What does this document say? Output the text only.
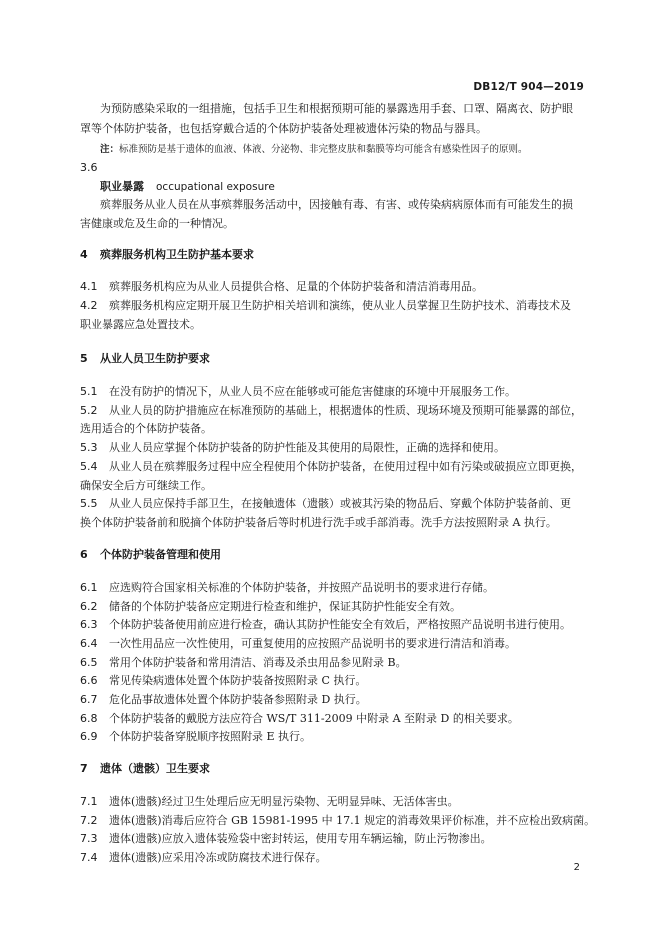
DB12/T 904—2019
为预防感染采取的一组措施，包括手卫生和根据预期可能的暴露选用手套、口罩、隔离衣、防护眼
罩等个体防护装备，也包括穿戴合适的个体防护装备处理被遗体污染的物品与器具。
注：标准预防是基于遗体的血液、体液、分泌物、非完整皮肤和黏膜等均可能含有感染性因子的原则。
3.6
职业暴露 occupational exposure
殡葬服务从业人员在从事殡葬服务活动中，因接触有毒、有害、或传染病病原体而有可能发生的损
害健康或危及生命的一种情况。
4 殡葬服务机构卫生防护基本要求
4.1 殡葬服务机构应为从业人员提供合格、足量的个体防护装备和清洁消毒用品。
4.2 殡葬服务机构应定期开展卫生防护相关培训和演练，使从业人员掌握卫生防护技术、消毒技术及
职业暴露应急处置技术。
5 从业人员卫生防护要求
5.1 在没有防护的情况下，从业人员不应在能够或可能危害健康的环境中开展服务工作。
5.2 从业人员的防护措施应在标准预防的基础上，根据遗体的性质、现场环境及预期可能暴露的部位，
选用适合的个体防护装备。
5.3 从业人员应掌握个体防护装备的防护性能及其使用的局限性，正确的选择和使用。
5.4 从业人员在殡葬服务过程中应全程使用个体防护装备，在使用过程中如有污染或破损应立即更换，
确保安全后方可继续工作。
5.5 从业人员应保持手部卫生，在接触遗体（遗骸）或被其污染的物品后、穿戴个体防护装备前、更
换个体防护装备前和脱摘个体防护装备后等时机进行洗手或手部消毒。洗手方法按照附录 A 执行。
6 个体防护装备管理和使用
6.1 应选购符合国家相关标准的个体防护装备，并按照产品说明书的要求进行存储。
6.2 储备的个体防护装备应定期进行检查和维护，保证其防护性能安全有效。
6.3 个体防护装备使用前应进行检查，确认其防护性能安全有效后，严格按照产品说明书进行使用。
6.4 一次性用品应一次性使用，可重复使用的应按照产品说明书的要求进行清洁和消毒。
6.5 常用个体防护装备和常用清洁、消毒及杀虫用品参见附录 B。
6.6 常见传染病遗体处置个体防护装备按照附录 C 执行。
6.7 危化品事故遗体处置个体防护装备参照附录 D 执行。
6.8 个体防护装备的戴脱方法应符合 WS/T 311-2009 中附录 A 至附录 D 的相关要求。
6.9 个体防护装备穿脱顺序按照附录 E 执行。
7 遗体（遗骸）卫生要求
7.1 遗体(遗骸)经过卫生处理后应无明显污染物、无明显异味、无活体害虫。
7.2 遗体(遗骸)消毒后应符合 GB 15981-1995 中 17.1 规定的消毒效果评价标准，并不应检出致病菌。
7.3 遗体(遗骸)应放入遗体装殓袋中密封转运，使用专用车辆运输，防止污物渗出。
7.4 遗体(遗骸)应采用冷冻或防腐技术进行保存。
2
